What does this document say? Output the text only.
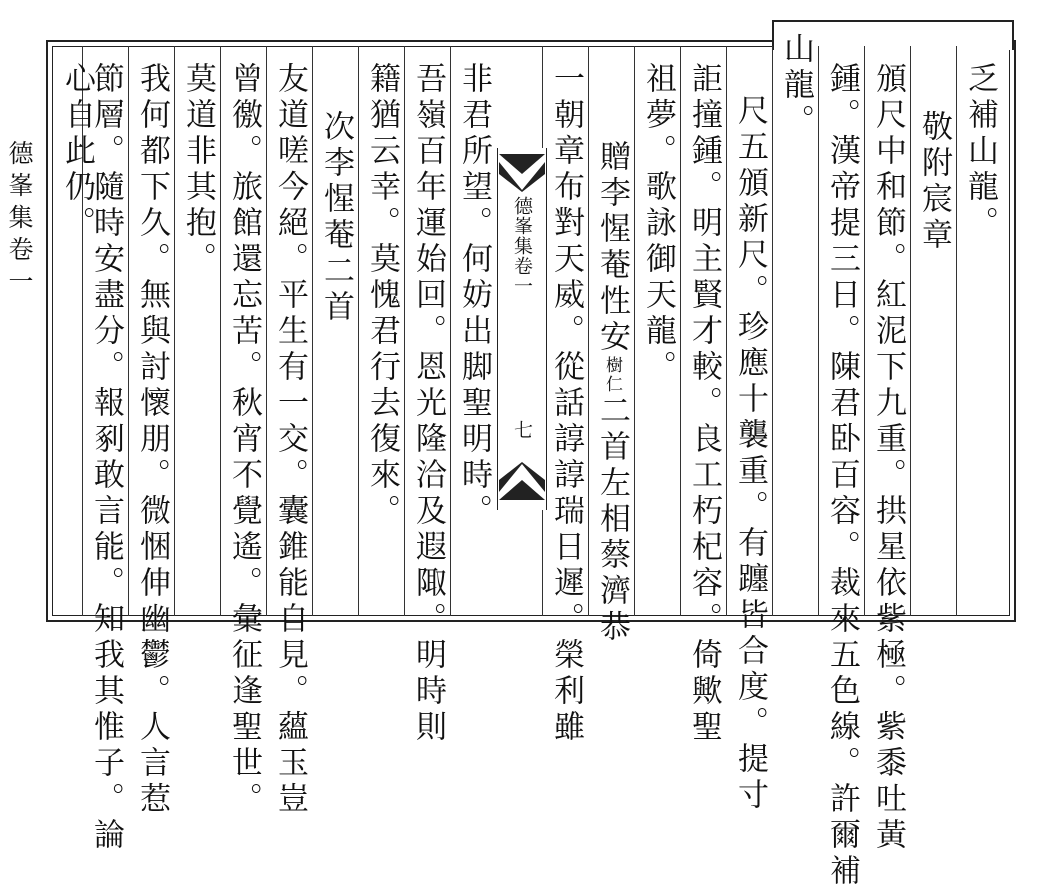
德峯集卷一	德峯集卷一
七
乏補山龍。
敬附宸章
頒尺中和節。紅泥下九重。拱星依紫極。紫黍吐黃
鍾。漢帝提三日。陳君卧百容。裁來五色線。許爾補
山龍。
尺五頒新尺。珍應十襲重。有躔皆合度。提寸
詎撞鍾。明主賢才較。良工朽杞容。倚歟聖
祖夢。歌詠御天龍。
贈李惺菴性安樹仁二首左相蔡濟恭
一朝章布對天威。從話諄諄瑞日遲。榮利雖
非君所望。何妨出脚聖明時。
吾嶺百年運始回。恩光隆洽及遐陬。明時則
籍猶云幸。莫愧君行去復來。
次李惺菴二首
友道嗟今絕。平生有一交。囊錐能自見。蘊玉豈
曾徼。旅館還忘苦。秋宵不覺遙。彙征逢聖世。
莫道非其抱。
我何都下久。無與討懷朋。微悃伸幽鬱。人言惹
節層。隨時安盡分。報剢敢言能。知我其惟子。論
心自此仍。
